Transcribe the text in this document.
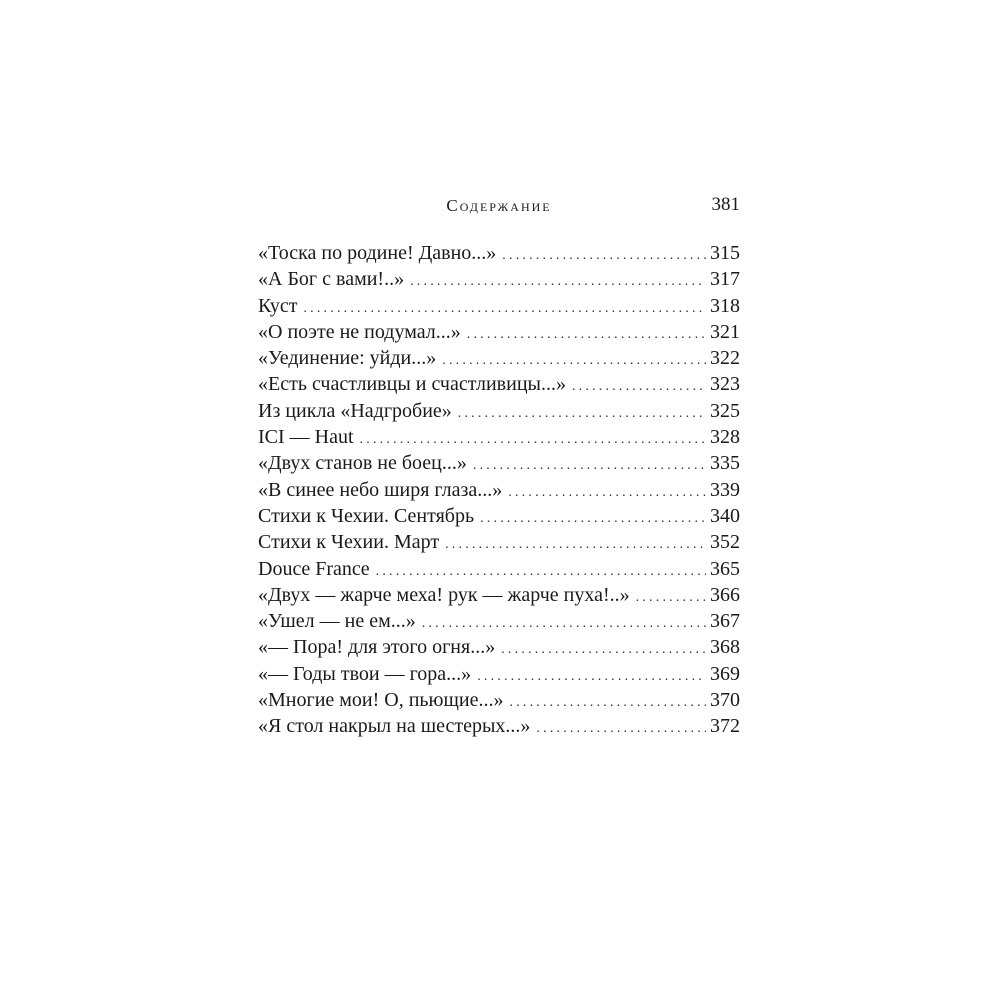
Содержание	381
«Тоска по родине! Давно...» .....	315
«А Бог с вами!..» .....	317
Куст .....	318
«О поэте не подумал...» .....	321
«Уединение: уйди...» .....	322
«Есть счастливцы и счастливицы...» .....	323
Из цикла «Надгробие» .....	325
ICI — Haut .....	328
«Двух станов не боец...» .....	335
«В синее небо ширя глаза...» .....	339
Стихи к Чехии. Сентябрь .....	340
Стихи к Чехии. Март .....	352
Douce France .....	365
«Двух — жарче меха! рук — жарче пуха!..» .....	366
«Ушел — не ем...» .....	367
«— Пора! для этого огня...» .....	368
«— Годы твои — гора...» .....	369
«Многие мои! О, пьющие...» .....	370
«Я стол накрыл на шестерых...» .....	372
